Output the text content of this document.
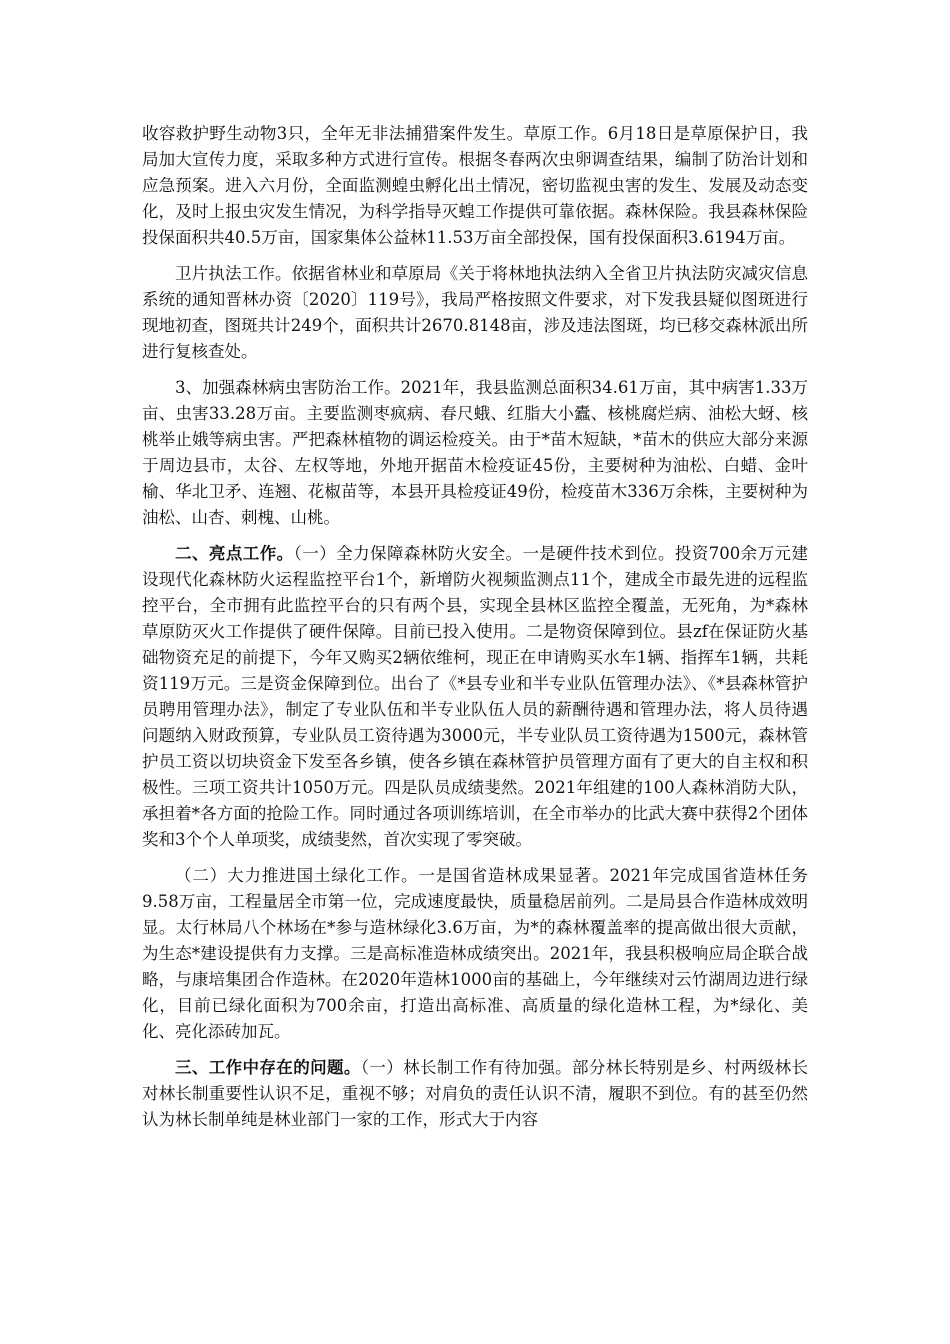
收容救护野生动物3只，全年无非法捕猎案件发生。草原工作。6月18日是草原保护日，我局加大宣传力度，采取多种方式进行宣传。根据冬春两次虫卵调查结果，编制了防治计划和应急预案。进入六月份，全面监测蝗虫孵化出土情况，密切监视虫害的发生、发展及动态变化，及时上报虫灾发生情况，为科学指导灭蝗工作提供可靠依据。森林保险。我县森林保险投保面积共40.5万亩，国家集体公益林11.53万亩全部投保，国有投保面积3.6194万亩。

卫片执法工作。依据省林业和草原局《关于将林地执法纳入全省卫片执法防灾减灾信息系统的通知晋林办资〔2020〕119号》，我局严格按照文件要求，对下发我县疑似图斑进行现地初查，图斑共计249个，面积共计2670.8148亩，涉及违法图斑，均已移交森林派出所进行复核查处。

3、加强森林病虫害防治工作。2021年，我县监测总面积34.61万亩，其中病害1.33万亩、虫害33.28万亩。主要监测枣疯病、春尺蛾、红脂大小蠹、核桃腐烂病、油松大蚜、核桃举止娥等病虫害。严把森林植物的调运检疫关。由于*苗木短缺，*苗木的供应大部分来源于周边县市，太谷、左权等地，外地开据苗木检疫证45份，主要树种为油松、白蜡、金叶榆、华北卫矛、连翘、花椒苗等，本县开具检疫证49份，检疫苗木336万余株，主要树种为油松、山杏、刺槐、山桃。

二、亮点工作。（一）全力保障森林防火安全。一是硬件技术到位。投资700余万元建设现代化森林防火运程监控平台1个，新增防火视频监测点11个，建成全市最先进的远程监控平台，全市拥有此监控平台的只有两个县，实现全县林区监控全覆盖，无死角，为*森林草原防灭火工作提供了硬件保障。目前已投入使用。二是物资保障到位。县zf在保证防火基础物资充足的前提下，今年又购买2辆依维柯，现正在申请购买水车1辆、指挥车1辆，共耗资119万元。三是资金保障到位。出台了《*县专业和半专业队伍管理办法》、《*县森林管护员聘用管理办法》，制定了专业队伍和半专业队伍人员的薪酬待遇和管理办法，将人员待遇问题纳入财政预算，专业队员工资待遇为3000元，半专业队员工资待遇为1500元，森林管护员工资以切块资金下发至各乡镇，使各乡镇在森林管护员管理方面有了更大的自主权和积极性。三项工资共计1050万元。四是队员成绩斐然。2021年组建的100人森林消防大队，承担着*各方面的抢险工作。同时通过各项训练培训，在全市举办的比武大赛中获得2个团体奖和3个个人单项奖，成绩斐然，首次实现了零突破。

（二）大力推进国土绿化工作。一是国省造林成果显著。2021年完成国省造林任务9.58万亩，工程量居全市第一位，完成速度最快，质量稳居前列。二是局县合作造林成效明显。太行林局八个林场在*参与造林绿化3.6万亩，为*的森林覆盖率的提高做出很大贡献，为生态*建设提供有力支撑。三是高标准造林成绩突出。2021年，我县积极响应局企联合战略，与康培集团合作造林。在2020年造林1000亩的基础上，今年继续对云竹湖周边进行绿化，目前已绿化面积为700余亩，打造出高标准、高质量的绿化造林工程，为*绿化、美化、亮化添砖加瓦。

三、工作中存在的问题。（一）林长制工作有待加强。部分林长特别是乡、村两级林长对林长制重要性认识不足，重视不够；对肩负的责任认识不清，履职不到位。有的甚至仍然认为林长制单纯是林业部门一家的工作，形式大于内容
